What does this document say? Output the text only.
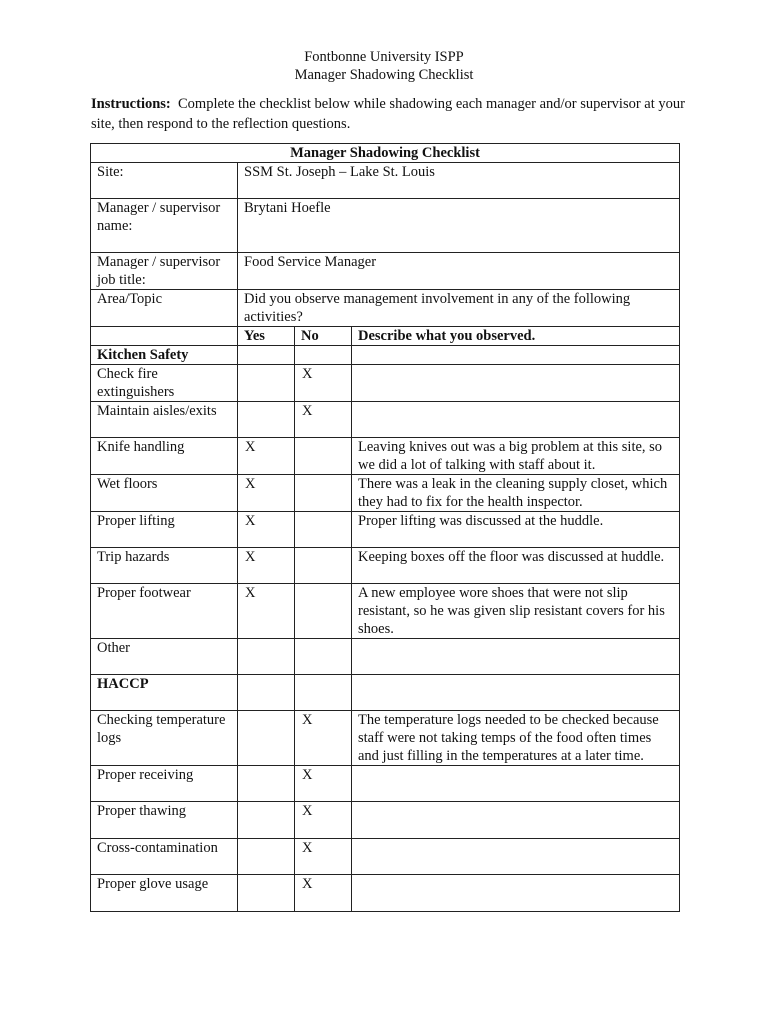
Fontbonne University ISPP
Manager Shadowing Checklist
Instructions: Complete the checklist below while shadowing each manager and/or supervisor at your site, then respond to the reflection questions.
Manager Shadowing Checklist			
Site:	SSM St. Joseph – Lake St. Louis		
Manager / supervisor name:	Brytani Hoefle		
Manager / supervisor job title:	Food Service Manager		
Area/Topic	Did you observe management involvement in any of the following activities?		
	Yes	No	Describe what you observed.
Kitchen Safety			
Check fire extinguishers		X	
Maintain aisles/exits		X	
Knife handling	X		Leaving knives out was a big problem at this site, so we did a lot of talking with staff about it.
Wet floors	X		There was a leak in the cleaning supply closet, which they had to fix for the health inspector.
Proper lifting	X		Proper lifting was discussed at the huddle.
Trip hazards	X		Keeping boxes off the floor was discussed at huddle.
Proper footwear	X		A new employee wore shoes that were not slip resistant, so he was given slip resistant covers for his shoes.
Other			
HACCP			
Checking temperature logs		X	The temperature logs needed to be checked because staff were not taking temps of the food often times and just filling in the temperatures at a later time.
Proper receiving		X	
Proper thawing		X	
Cross-contamination		X	
Proper glove usage		X	
